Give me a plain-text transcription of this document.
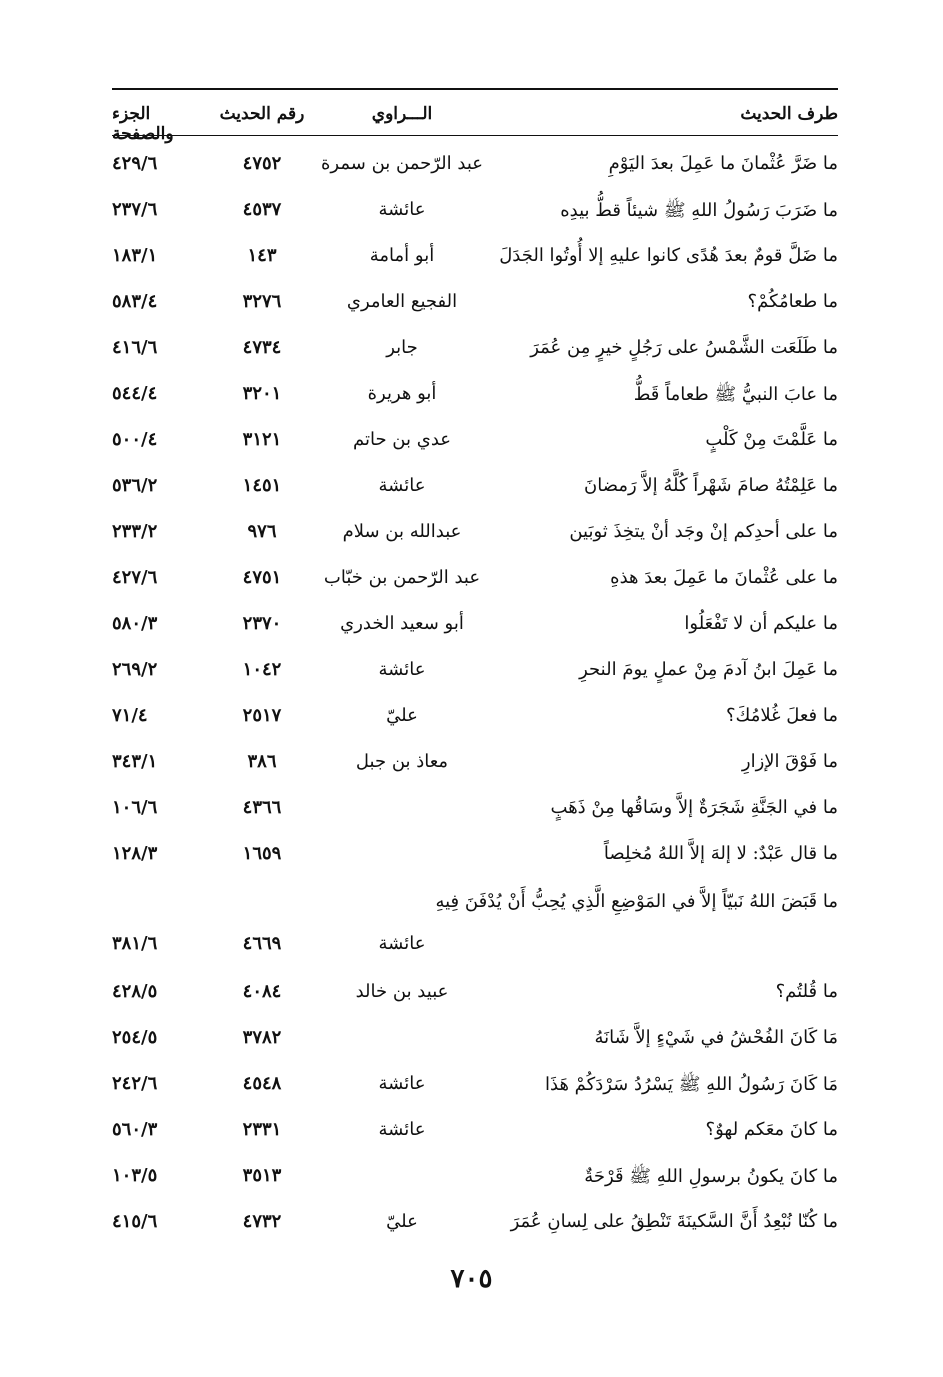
طرف الحديث
الـــراوي
رقم الحديث
الجزء والصفحة
ما ضَرَّ عُثْمانَ ما عَمِلَ بعدَ اليَوْمِ
عبد الرّحمن بن سمرة
٤٧٥٢
٤٢٩/٦
ما ضَرَبَ رَسُولُ اللهِ ﷺ شيئاً قطُّ بيدِه
عائشة
٤٥٣٧
٢٣٧/٦
ما ضَلَّ قومٌ بعدَ هُدًى كانوا عليهِ إلا أُوتُوا الجَدَلَ
أبو أمامة
١٤٣
١٨٣/١
ما طعامُكُمْ؟
الفجيع العامري
٣٢٧٦
٥٨٣/٤
ما طَلَعَت الشَّمْسُ على رَجُلٍ خيرٍ مِن عُمَرَ
جابر
٤٧٣٤
٤١٦/٦
ما عابَ النبيُّ ﷺ طعاماً قَطُّ
أبو هريرة
٣٢٠١
٥٤٤/٤
ما عَلَّمْتَ مِنْ كَلْبٍ
عدي بن حاتم
٣١٢١
٥٠٠/٤
ما عَلِمْتُهُ صامَ شَهْراً كُلَّهُ إلاَّ رَمضانَ
عائشة
١٤٥١
٥٣٦/٢
ما على أحدِكم إنْ وجَد أنْ يتخِذَ ثوبَين
عبدالله بن سلام
٩٧٦
٢٣٣/٢
ما على عُثْمانَ ما عَمِلَ بعدَ هذهِ
عبد الرّحمن بن خبّاب
٤٧٥١
٤٢٧/٦
ما عليكم أن لا تَفْعَلُوا
أبو سعيد الخدري
٢٣٧٠
٥٨٠/٣
ما عَمِلَ ابنُ آدمَ مِنْ عملٍ يومَ النحرِ
عائشة
١٠٤٢
٢٦٩/٢
ما فعلَ غُلامُكَ؟
عليّ
٢٥١٧
٧١/٤
ما فَوْقَ الإزارِ
معاذ بن جبل
٣٨٦
٣٤٣/١
ما في الجَنَّةِ شَجَرَةٌ إلاَّ وسَاقُها مِنْ ذَهَبٍ
٤٣٦٦
١٠٦/٦
ما قال عَبْدٌ: لا إلهَ إلاَّ اللهُ مُخلِصاً
١٦٥٩
١٢٨/٣
ما قَبَضَ اللهُ نَبيّاً إلاَّ في المَوْضِعِ الَّذِي يُحِبُّ أَنْ يُدْفَنَ فِيهِ
عائشة
٤٦٦٩
٣٨١/٦
ما قُلتُم؟
عبيد بن خالد
٤٠٨٤
٤٢٨/٥
مَا كَانَ الفُحْشُ في شَيْءٍ إلاَّ شَانَهُ
٣٧٨٢
٢٥٤/٥
مَا كَانَ رَسُولُ اللهِ ﷺ يَسْرُدُ سَرْدَكُمْ هَذَا
عائشة
٤٥٤٨
٢٤٢/٦
ما كانَ معَكم لهوٌ؟
عائشة
٢٣٣١
٥٦٠/٣
ما كانَ يكونُ برسولِ اللهِ ﷺ قَرْحَةٌ
٣٥١٣
١٠٣/٥
ما كُنّا نُبْعِدُ أَنَّ السَّكينَةَ تَنْطِقُ على لِسانِ عُمَرَ
عليّ
٤٧٣٢
٤١٥/٦
٧٠٥
